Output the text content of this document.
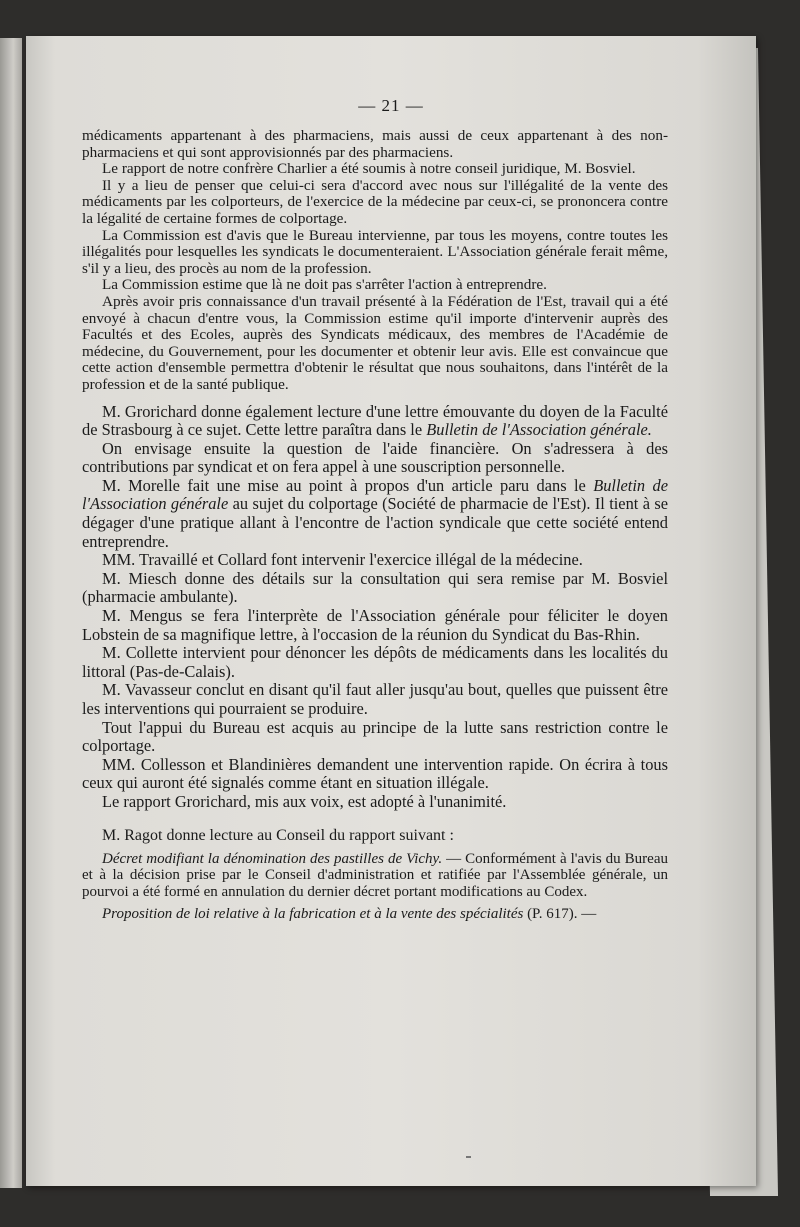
— 21 —

médicaments appartenant à des pharmaciens, mais aussi de ceux appartenant à des non-pharmaciens et qui sont approvisionnés par des pharmaciens.

Le rapport de notre confrère Charlier a été soumis à notre conseil juridique, M. Bosviel.

Il y a lieu de penser que celui-ci sera d'accord avec nous sur l'illégalité de la vente des médicaments par les colporteurs, de l'exercice de la médecine par ceux-ci, se prononcera contre la légalité de certaine formes de colportage.

La Commission est d'avis que le Bureau intervienne, par tous les moyens, contre toutes les illégalités pour lesquelles les syndicats le documenteraient. L'Association générale ferait même, s'il y a lieu, des procès au nom de la profession.

La Commission estime que là ne doit pas s'arrêter l'action à entreprendre.

Après avoir pris connaissance d'un travail présenté à la Fédération de l'Est, travail qui a été envoyé à chacun d'entre vous, la Commission estime qu'il importe d'intervenir auprès des Facultés et des Ecoles, auprès des Syndicats médicaux, des membres de l'Académie de médecine, du Gouvernement, pour les documenter et obtenir leur avis. Elle est convaincue que cette action d'ensemble permettra d'obtenir le résultat que nous souhaitons, dans l'intérêt de la profession et de la santé publique.

M. Grorichard donne également lecture d'une lettre émouvante du doyen de la Faculté de Strasbourg à ce sujet. Cette lettre paraîtra dans le Bulletin de l'Association générale.

On envisage ensuite la question de l'aide financière. On s'adressera à des contributions par syndicat et on fera appel à une souscription personnelle.

M. Morelle fait une mise au point à propos d'un article paru dans le Bulletin de l'Association générale au sujet du colportage (Société de pharmacie de l'Est). Il tient à se dégager d'une pratique allant à l'encontre de l'action syndicale que cette société entend entreprendre.

MM. Travaillé et Collard font intervenir l'exercice illégal de la médecine.

M. Miesch donne des détails sur la consultation qui sera remise par M. Bosviel (pharmacie ambulante).

M. Mengus se fera l'interprète de l'Association générale pour féliciter le doyen Lobstein de sa magnifique lettre, à l'occasion de la réunion du Syndicat du Bas-Rhin.

M. Collette intervient pour dénoncer les dépôts de médicaments dans les localités du littoral (Pas-de-Calais).

M. Vavasseur conclut en disant qu'il faut aller jusqu'au bout, quelles que puissent être les interventions qui pourraient se produire.

Tout l'appui du Bureau est acquis au principe de la lutte sans restriction contre le colportage.

MM. Collesson et Blandinières demandent une intervention rapide. On écrira à tous ceux qui auront été signalés comme étant en situation illégale.

Le rapport Grorichard, mis aux voix, est adopté à l'unanimité.

M. Ragot donne lecture au Conseil du rapport suivant :

Décret modifiant la dénomination des pastilles de Vichy. — Conformément à l'avis du Bureau et à la décision prise par le Conseil d'administration et ratifiée par l'Assemblée générale, un pourvoi a été formé en annulation du dernier décret portant modifications au Codex.

Proposition de loi relative à la fabrication et à la vente des spécialités (P. 617). —
